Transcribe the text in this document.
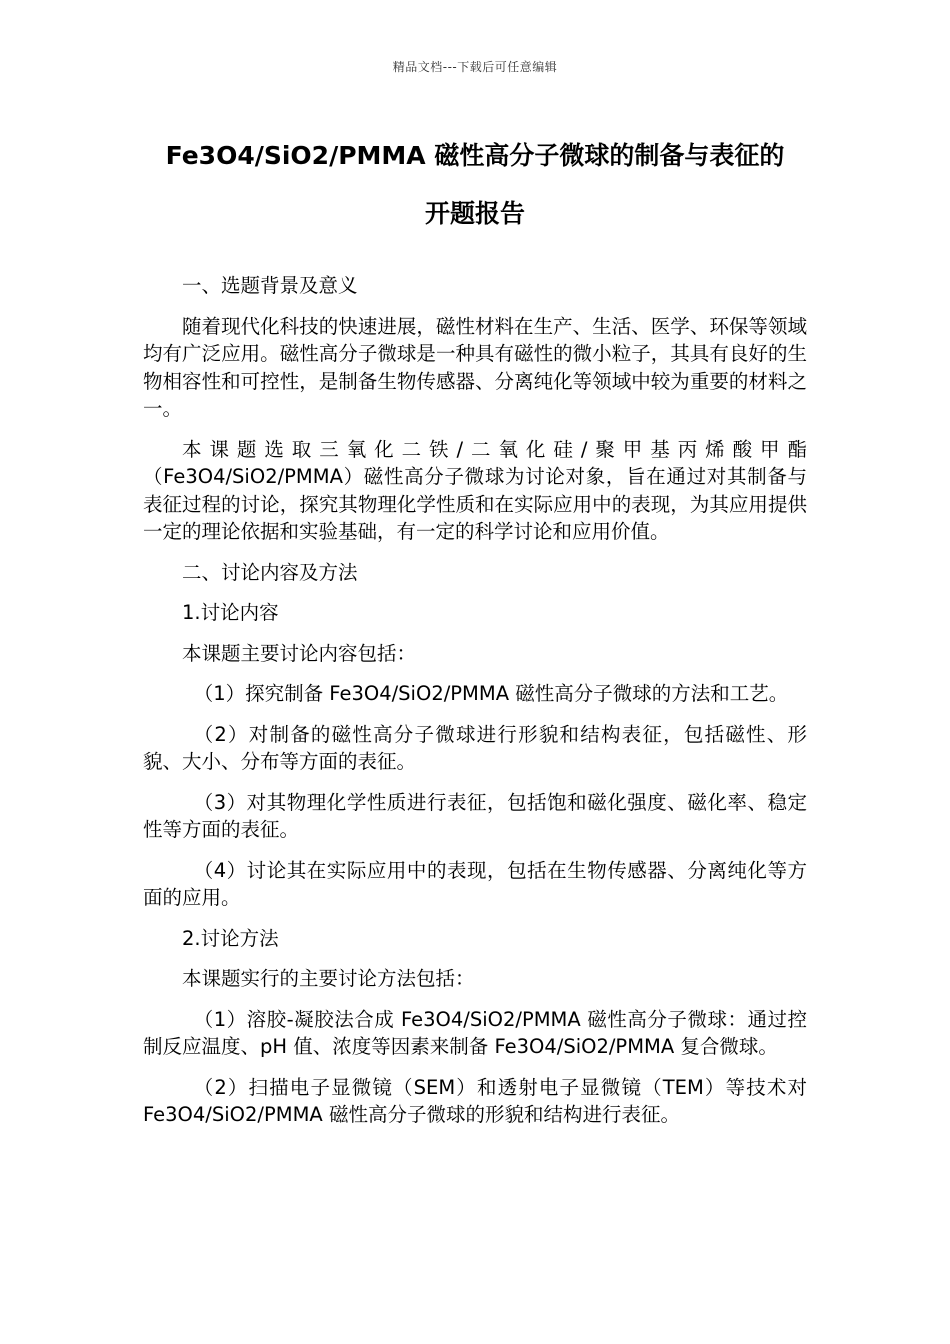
精品文档---下载后可任意编辑
Fe3O4/SiO2/PMMA 磁性高分子微球的制备与表征的
开题报告

一、选题背景及意义

随着现代化科技的快速进展，磁性材料在生产、生活、医学、环保等领域均有广泛应用。磁性高分子微球是一种具有磁性的微小粒子，其具有良好的生物相容性和可控性，是制备生物传感器、分离纯化等领域中较为重要的材料之一。

本课题选取三氧化二铁/二氧化硅/聚甲基丙烯酸甲酯（Fe3O4/SiO2/PMMA）磁性高分子微球为讨论对象，旨在通过对其制备与表征过程的讨论，探究其物理化学性质和在实际应用中的表现，为其应用提供一定的理论依据和实验基础，有一定的科学讨论和应用价值。

二、讨论内容及方法

1.讨论内容

本课题主要讨论内容包括：

（1）探究制备 Fe3O4/SiO2/PMMA 磁性高分子微球的方法和工艺。

（2）对制备的磁性高分子微球进行形貌和结构表征，包括磁性、形貌、大小、分布等方面的表征。

（3）对其物理化学性质进行表征，包括饱和磁化强度、磁化率、稳定性等方面的表征。

（4）讨论其在实际应用中的表现，包括在生物传感器、分离纯化等方面的应用。

2.讨论方法

本课题实行的主要讨论方法包括：

（1）溶胶-凝胶法合成 Fe3O4/SiO2/PMMA 磁性高分子微球：通过控制反应温度、pH 值、浓度等因素来制备 Fe3O4/SiO2/PMMA 复合微球。

（2）扫描电子显微镜（SEM）和透射电子显微镜（TEM）等技术对 Fe3O4/SiO2/PMMA 磁性高分子微球的形貌和结构进行表征。
